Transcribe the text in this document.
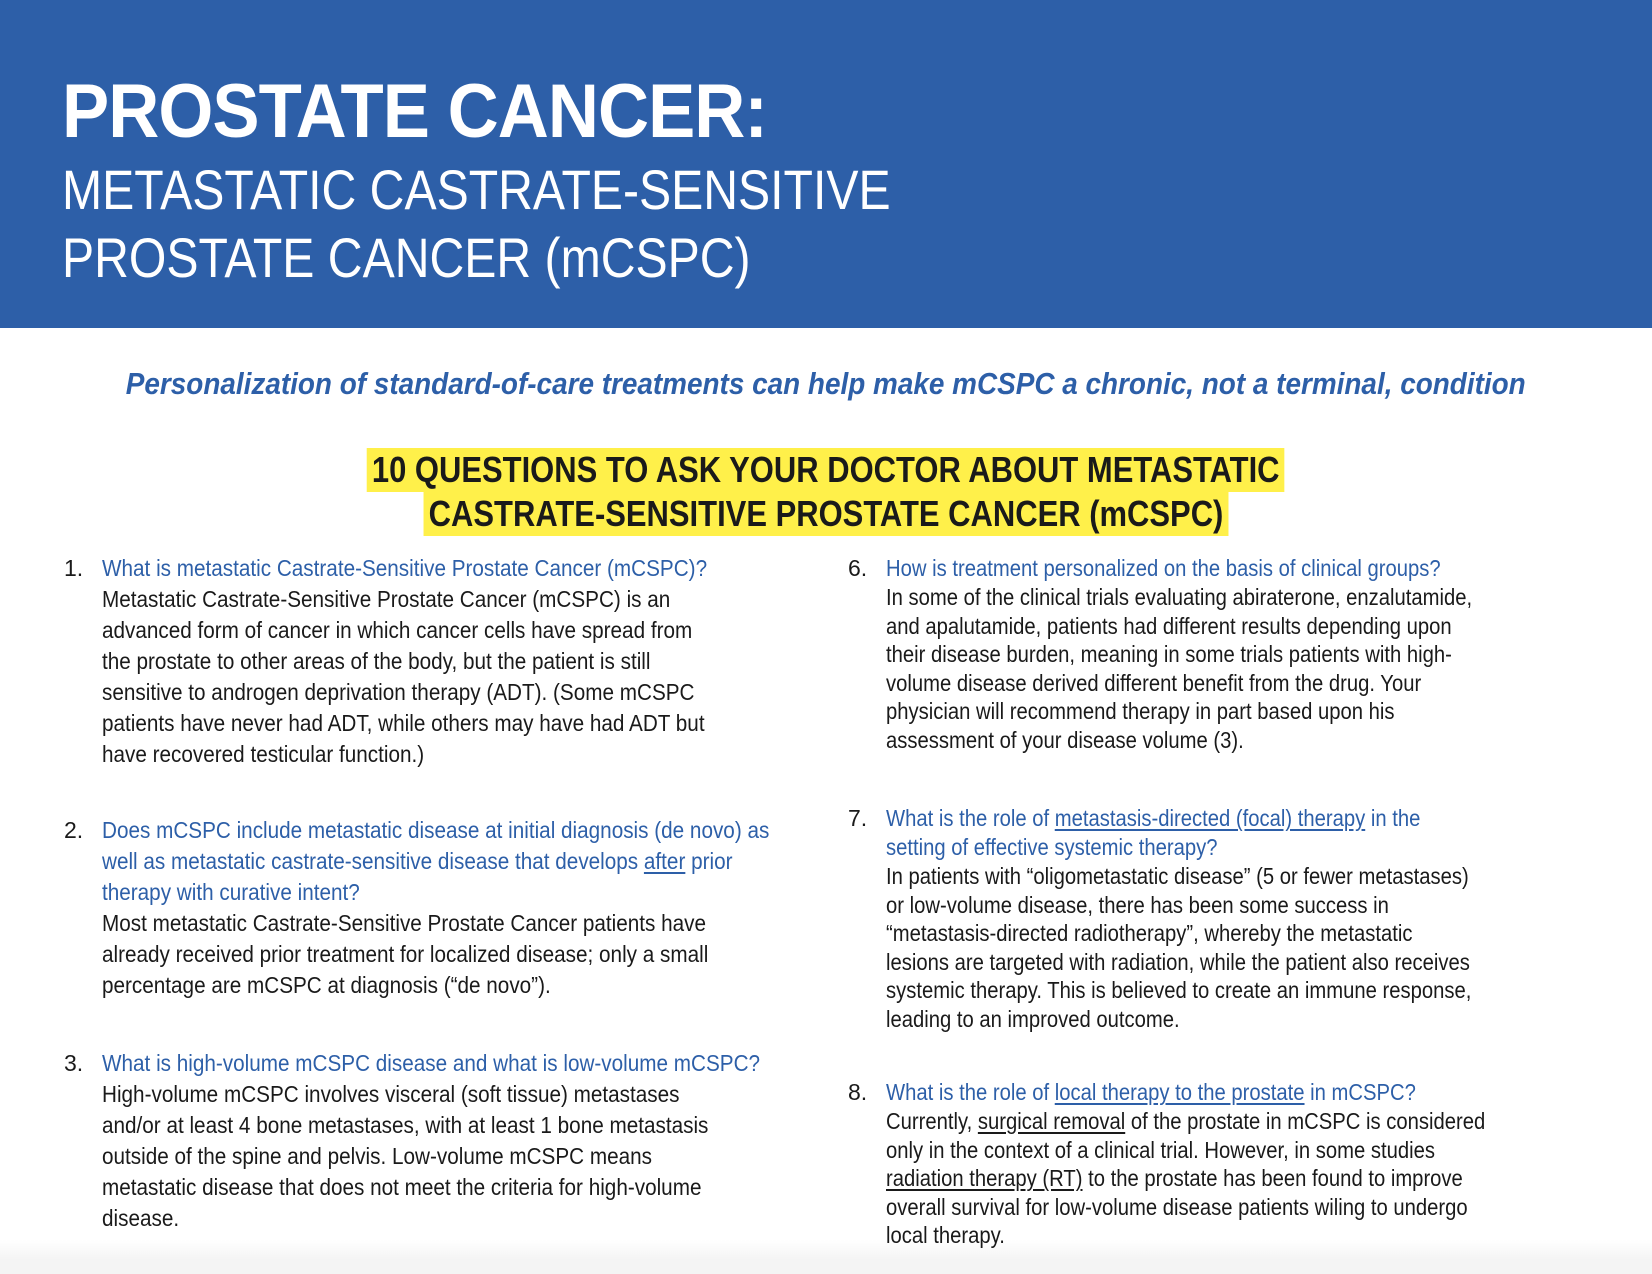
PROSTATE CANCER:
METASTATIC CASTRATE-SENSITIVE
PROSTATE CANCER (mCSPC)
Personalization of standard-of-care treatments can help make mCSPC a chronic, not a terminal, condition
10 QUESTIONS TO ASK YOUR DOCTOR ABOUT METASTATIC
CASTRATE-SENSITIVE PROSTATE CANCER (mCSPC)
1. What is metastatic Castrate-Sensitive Prostate Cancer (mCSPC)?
Metastatic Castrate-Sensitive Prostate Cancer (mCSPC) is an
advanced form of cancer in which cancer cells have spread from
the prostate to other areas of the body, but the patient is still
sensitive to androgen deprivation therapy (ADT). (Some mCSPC
patients have never had ADT, while others may have had ADT but
have recovered testicular function.)
2. Does mCSPC include metastatic disease at initial diagnosis (de novo) as
well as metastatic castrate-sensitive disease that develops after prior
therapy with curative intent?
Most metastatic Castrate-Sensitive Prostate Cancer patients have
already received prior treatment for localized disease; only a small
percentage are mCSPC at diagnosis (“de novo”).
3. What is high-volume mCSPC disease and what is low-volume mCSPC?
High-volume mCSPC involves visceral (soft tissue) metastases
and/or at least 4 bone metastases, with at least 1 bone metastasis
outside of the spine and pelvis. Low-volume mCSPC means
metastatic disease that does not meet the criteria for high-volume
disease.
6. How is treatment personalized on the basis of clinical groups?
In some of the clinical trials evaluating abiraterone, enzalutamide,
and apalutamide, patients had different results depending upon
their disease burden, meaning in some trials patients with high-
volume disease derived different benefit from the drug. Your
physician will recommend therapy in part based upon his
assessment of your disease volume (3).
7. What is the role of metastasis-directed (focal) therapy in the
setting of effective systemic therapy?
In patients with “oligometastatic disease” (5 or fewer metastases)
or low-volume disease, there has been some success in
“metastasis-directed radiotherapy”, whereby the metastatic
lesions are targeted with radiation, while the patient also receives
systemic therapy. This is believed to create an immune response,
leading to an improved outcome.
8. What is the role of local therapy to the prostate in mCSPC?
Currently, surgical removal of the prostate in mCSPC is considered
only in the context of a clinical trial. However, in some studies
radiation therapy (RT) to the prostate has been found to improve
overall survival for low-volume disease patients wiling to undergo
local therapy.
